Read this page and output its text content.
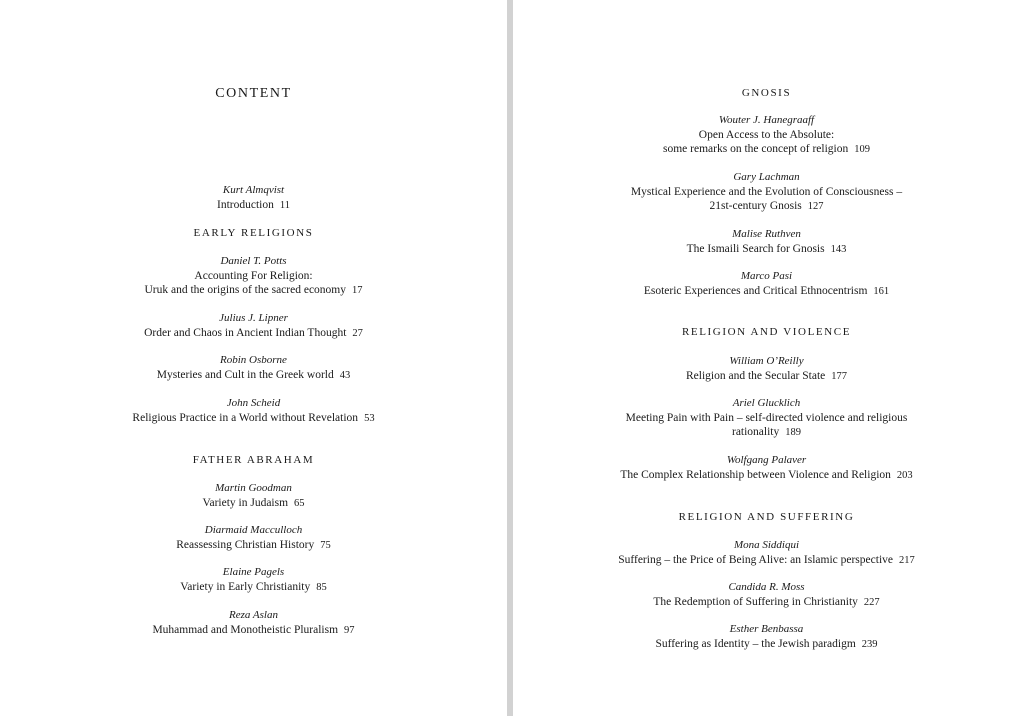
CONTENT
Kurt Almqvist
Introduction 11
EARLY RELIGIONS
Daniel T. Potts
Accounting For Religion:
Uruk and the origins of the sacred economy 17
Julius J. Lipner
Order and Chaos in Ancient Indian Thought 27
Robin Osborne
Mysteries and Cult in the Greek world 43
John Scheid
Religious Practice in a World without Revelation 53
FATHER ABRAHAM
Martin Goodman
Variety in Judaism 65
Diarmaid Macculloch
Reassessing Christian History 75
Elaine Pagels
Variety in Early Christianity 85
Reza Aslan
Muhammad and Monotheistic Pluralism 97
GNOSIS
Wouter J. Hanegraaff
Open Access to the Absolute:
some remarks on the concept of religion 109
Gary Lachman
Mystical Experience and the Evolution of Consciousness –
21st-century Gnosis 127
Malise Ruthven
The Ismaili Search for Gnosis 143
Marco Pasi
Esoteric Experiences and Critical Ethnocentrism 161
RELIGION AND VIOLENCE
William O’Reilly
Religion and the Secular State 177
Ariel Glucklich
Meeting Pain with Pain – self-directed violence and religious
rationality 189
Wolfgang Palaver
The Complex Relationship between Violence and Religion 203
RELIGION AND SUFFERING
Mona Siddiqui
Suffering – the Price of Being Alive: an Islamic perspective 217
Candida R. Moss
The Redemption of Suffering in Christianity 227
Esther Benbassa
Suffering as Identity – the Jewish paradigm 239
